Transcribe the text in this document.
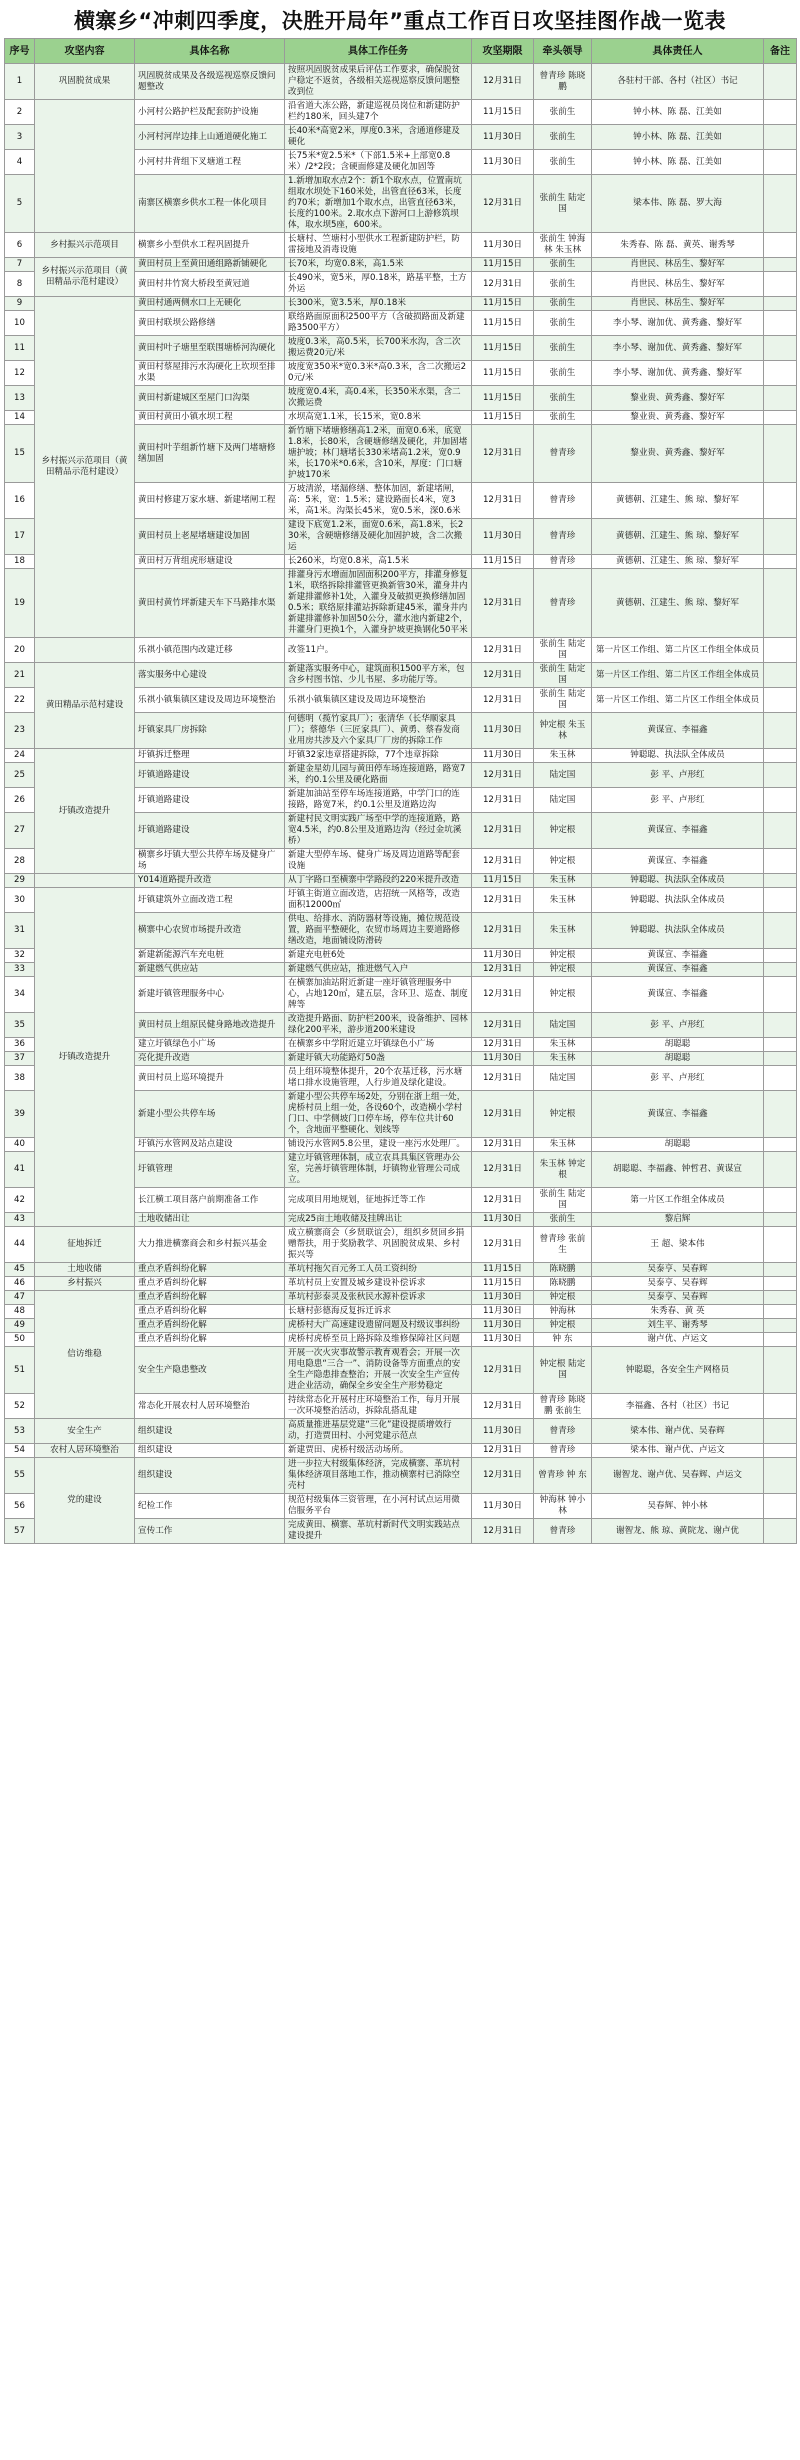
横寨乡“冲刺四季度，决胜开局年”重点工作百日攻坚挂图作战一览表
序号	攻坚内容	具体名称	具体工作任务	攻坚期限	牵头领导	具体责任人	备注
1	巩固脱贫成果	巩固脱贫成果及各级巡视巡察反馈问题整改	按照巩固脱贫成果后评估工作要求，确保脱贫户稳定不返贫，各级相关巡视巡察反馈问题整改到位	12月31日	曾青珍 陈晓鹏	各驻村干部、各村（社区）书记	
2		小河村公路护栏及配套防护设施	沿省道大冻公路，新建巡视员岗位和新建防护栏约180米，回头建7个	11月15日	张前生	钟小林、陈 磊、江美如	
3		小河村河岸边排上山通道硬化施工	长40米*高宽2米，厚度0.3米，含通道修建及硬化	11月30日	张前生	钟小林、陈 磊、江美如	
4		小河村井背组下叉塘道工程	长75米*宽2.5米*（下部1.5米+上部宽0.8米）/2*2段；含硬面修建及硬化加固等	11月30日	张前生	钟小林、陈 磊、江美如	
5		南寨区横寨乡供水工程一体化项目	1.新增加取水点2个：新1个取水点，位置南坑组取水坝处下160米处，出管直径63米，长度约70米；新增加1个取水点，出管直径63米，长度约100米。2.取水点下游河口上游修筑坝体，取水坝5座，600米。	12月31日	张前生 陆定国	梁本伟、陈 磊、罗大海	
6	乡村振兴示范项目	横寨乡小型供水工程巩固提升	长塘村、竺塘村小型供水工程新建防护栏，防雷接地及消毒设施	11月30日	张前生 钟海林 朱玉林	朱秀春、陈 磊、黄英、谢秀琴	
7	乡村振兴示范项目（黄田精品示范村建设）	黄田村员上至黄田通组路新铺硬化	长70米，均宽0.8米，高1.5米	11月15日	张前生	肖世民、林岳生、黎好军	
8		黄田村井竹窝大桥段至黄冠道	长490米，宽5米，厚0.18米，路基平整，土方外运	12月31日	张前生	肖世民、林岳生、黎好军	
9	乡村振兴示范项目（黄田精品示范村建设）	黄田村通两侧水口上无硬化	长300米，宽3.5米，厚0.18米	11月15日	张前生	肖世民、林岳生、黎好军	
10		黄田村联坝公路修缮	联络路面原面积2500平方（含破损路面及新建路3500平方）	11月15日	张前生	李小琴、谢加优、黄秀鑫、黎好军	
11		黄田村叶子塘里至联围塘桥河沟硬化	坡度0.3米，高0.5米，长700米水沟，含二次搬运费20元/米	11月15日	张前生	李小琴、谢加优、黄秀鑫、黎好军	
12		黄田村蔡屋排污水沟硬化上坎坝至排水渠	坡度宽350米*宽0.3米*高0.3米，含二次搬运20元/米	11月15日	张前生	李小琴、谢加优、黄秀鑫、黎好军	
13		黄田村新建城区至屋门口沟渠	坡度宽0.4米，高0.4米，长350米水渠，含二次搬运费	11月15日	张前生	黎业贵、黄秀鑫、黎好军	
14		黄田村黄田小镇水坝工程	水坝高宽1.1米，长15米，宽0.8米	11月15日	张前生	黎业贵、黄秀鑫、黎好军	
15		黄田村叶芋组新竹塘下及两门堵塘修缮加固	新竹塘下堵塘修缮高1.2米，面宽0.6米，底宽1.8米，长80米，含硬塘修缮及硬化，并加固堵塘护坡；林门塘堵长330米堵高1.2米，宽0.9米，长170米*0.6米，含10米，厚度：门口塘护坡170米	12月31日	曾青珍	黎业贵、黄秀鑫、黎好军	
16		黄田村修建万家水塘、新建堵闸工程	万坡清淤，堵漏修缮、整体加固，新建堵闸，高：5米，宽：1.5米；建设路面长4米，宽3米，高1米。沟渠长45米，宽0.5米，深0.6米	12月31日	曾青珍	黄德朝、江建生、熊 琼、黎好军	
17		黄田村员上老屋堵塘建设加固	建设下底宽1.2米，面宽0.6米，高1.8米，长230米，含硬塘修缮及硬化加固护坡，含二次搬运	11月30日	曾青珍	黄德朝、江建生、熊 琼、黎好军	
18		黄田村万背组虎形塘建设	长260米，均宽0.8米，高1.5米	11月15日	曾青珍	黄德朝、江建生、熊 琼、黎好军	
19		黄田村黄竹坪新建天车下马路排水渠	排灌身污水增面加固面积200平方，排灌身修复1米，联络拆除排灌管更换新管30米，灌身井内新建排灌修补1处，入灌身及破损更换修缮加固0.5米；联络原排灌站拆除新建45米，灌身井内新建排灌修补加固50公分，灌水池内新建2个，井灌身门更换1个，入灌身护坡更换钢化50平米	12月31日	曾青珍	黄德朝、江建生、熊 琼、黎好军	
20		乐祺小镇范围内改建迁移	改签11户。	12月31日	张前生 陆定国	第一片区工作组、第二片区工作组全体成员	
21	黄田精品示范村建设	落实服务中心建设	新建落实服务中心，建筑面积1500平方米，包含乡村图书馆、少儿书屋、多功能厅等。	12月31日	张前生 陆定国	第一片区工作组、第二片区工作组全体成员	
22		乐祺小镇集镇区建设及周边环境整治	乐祺小镇集镇区建设及周边环境整治	12月31日	张前生 陆定国	第一片区工作组、第二片区工作组全体成员	
23		圩镇家具厂房拆除	何德明（揽竹家具厂）；张清华（长华顺家具厂）；蔡德华（三匠家具厂）、黄勇、蔡春发商业用房共涉及六个家具厂厂房的拆除工作	11月30日	钟定根 朱玉林	黄谋宣、李福鑫	
24	圩镇改造提升	圩镇拆迁整理	圩镇32家违章搭建拆除，77个违章拆除	11月30日	朱玉林	钟聪聪、执法队全体成员	
25		圩镇道路建设	新建金星幼儿园与黄田停车场连接道路，路宽7米，约0.1公里及硬化路面	12月31日	陆定国	彭 平、卢形红	
26		圩镇道路建设	新建加油站至停车场连接道路，中学门口的连接路，路宽7米，约0.1公里及道路边沟	12月31日	陆定国	彭 平、卢形红	
27		圩镇道路建设	新建村民文明实践广场至中学的连接道路，路宽4.5米，约0.8公里及道路边沟（经过金坑溪桥）	12月31日	钟定根	黄谋宣、李福鑫	
28		横寨乡圩镇大型公共停车场及健身广场	新建大型停车场、健身广场及周边道路等配套设施	12月31日	钟定根	黄谋宣、李福鑫	
29		Y014道路提升改造	从丁字路口至横寨中学路段约220米提升改造	11月15日	朱玉林	钟聪聪、执法队全体成员	
30	圩镇改造提升	圩镇建筑外立面改造工程	圩镇主街道立面改造，店招统一风格等，改造面积12000㎡	12月31日	朱玉林	钟聪聪、执法队全体成员	
31		横寨中心农贸市场提升改造	供电、给排水、消防器材等设施，摊位规范设置，路面平整硬化，农贸市场周边主要道路修缮改造，地面铺设防滑砖	12月31日	朱玉林	钟聪聪、执法队全体成员	
32		新建新能源汽车充电桩	新建充电桩6处	11月30日	钟定根	黄谋宣、李福鑫	
33		新建燃气供应站	新建燃气供应站，推进燃气入户	12月31日	钟定根	黄谋宣、李福鑫	
34		新建圩镇管理服务中心	在横寨加油站附近新建一座圩镇管理服务中心，占地120㎡，建五层，含环卫、巡查、制度牌等	12月31日	钟定根	黄谋宣、李福鑫	
35		黄田村员上组原民健身路地改造提升	改造提升路面、防护栏200米，设备维护、园林绿化200平米，游步道200米建设	12月31日	陆定国	彭 平、卢形红	
36		建立圩镇绿色小广场	在横寨乡中学附近建立圩镇绿色小广场	12月31日	朱玉林	胡聪聪	
37		亮化提升改造	新建圩镇大功能路灯50盏	11月30日	朱玉林	胡聪聪	
38		黄田村员上巡环境提升	员上组环境整体提升，20个农基迁移，污水塘堵口排水设施管理，人行步道及绿化建设。	12月31日	陆定国	彭 平、卢形红	
39		新建小型公共停车场	新建小型公共停车场2处，分别在浙上组一处，虎桥村员上组一处，各设60个，改造横小学村门口、中学侧坡门口停车场，停车位共计60个，含地面平整硬化、划线等	12月31日	钟定根	黄谋宣、李福鑫	
40		圩镇污水管网及站点建设	铺设污水管网5.8公里，建设一座污水处理厂。	12月31日	朱玉林	胡聪聪	
41		圩镇管理	建立圩镇管理体制，成立农具具集区管理办公室，完善圩镇管理体制，圩镇物业管理公司成立。	12月31日	朱玉林 钟定根	胡聪聪、李福鑫、钟哲君、黄谋宣	
42		长江横工项目落户前期准备工作	完成项目用地规划，征地拆迁等工作	12月31日	张前生 陆定国	第一片区工作组全体成员	
43		土地收储出让	完成25亩土地收储及挂牌出让	11月30日	张前生	黎启辉	
44	征地拆迁	大力推进横寨商会和乡村振兴基金	成立横寨商会（乡贤联谊会），组织乡贤回乡捐赠帮扶，用于奖励教学、巩固脱贫成果、乡村振兴等	12月31日	曾青珍 张前生	王 超、梁本伟	
45	土地收储	重点矛盾纠纷化解	革坑村拖欠百元务工人员工资纠纷	11月15日	陈晓鹏	吴泰亨、吴春辉	
46	乡村振兴	重点矛盾纠纷化解	革坑村员上安置及城乡建设补偿诉求	11月15日	陈晓鹏	吴泰亨、吴春辉	
47	信访维稳	重点矛盾纠纷化解	革坑村彭泰灵及张秋民水源补偿诉求	11月30日	钟定根	吴泰亨、吴春辉	
48		重点矛盾纠纷化解	长塘村彭德海反复拆迁诉求	11月30日	钟海林	朱秀春、黄 英	
49		重点矛盾纠纷化解	虎桥村大广高速建设遗留问题及村级议事纠纷	11月30日	钟定根	刘生平、谢秀琴	
50		重点矛盾纠纷化解	虎桥村虎桥至员上路拆除及维修保障社区问题	11月30日	钟 东	谢卢优、卢运文	
51		安全生产隐患整改	开展一次火灾事故警示教育观看会；开展一次用电隐患“三合一”、消防设备等方面重点的安全生产隐患排查整治；开展一次安全生产宣传进企业活动，确保全乡安全生产形势稳定	12月31日	钟定根 陆定国	钟聪聪，各安全生产网格员	
52		常态化开展农村人居环境整治	持续常态化开展村庄环境整治工作，每月开展一次环境整治活动，拆除乱搭乱建	12月31日	曾青珍 陈晓鹏 张前生	李福鑫、各村（社区）书记	
53	安全生产	组织建设	高质量推进基层党建“三化”建设提质增效行动，打造贾田村、小河党建示范点	11月30日	曾青珍	梁本伟、谢卢优、吴春辉	
54	农村人居环境整治	组织建设	新建贾田、虎桥村级活动场所。	12月31日	曾青珍	梁本伟、谢卢优、卢运文	
55	党的建设	组织建设	进一步拉大村级集体经济，完成横寨、革坑村集体经济项目落地工作，推动横寨村已消除空壳村	12月31日	曾青珍 钟 东	谢智龙、谢卢优、吴春辉、卢运文	
56		纪检工作	规范村级集体三资管理，在小河村试点运用微信服务平台	11月30日	钟海林 钟小林	吴春辉、钟小林	
57		宣传工作	完成黄田、横寨、革坑村新时代文明实践站点建设提升	12月31日	曾青珍	谢智龙、熊 琼、黄院龙、谢卢优	
